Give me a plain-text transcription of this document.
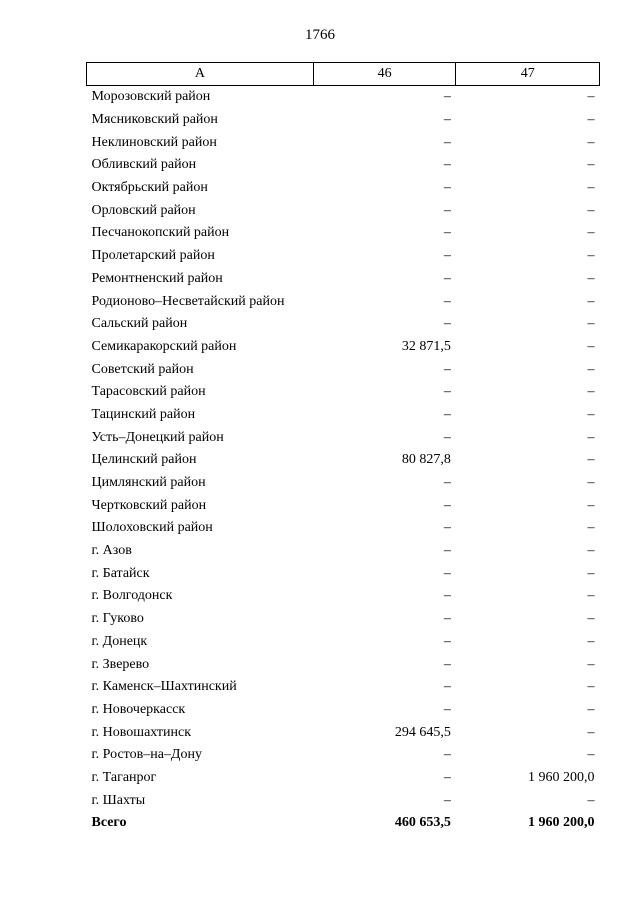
1766
А	46	47
Морозовский район	–	–
Мясниковский район	–	–
Неклиновский район	–	–
Обливский район	–	–
Октябрьский район	–	–
Орловский район	–	–
Песчанокопский район	–	–
Пролетарский район	–	–
Ремонтненский район	–	–
Родионово–Несветайский район	–	–
Сальский район	–	–
Семикаракорский район	32 871,5	–
Советский район	–	–
Тарасовский район	–	–
Тацинский район	–	–
Усть–Донецкий район	–	–
Целинский район	80 827,8	–
Цимлянский район	–	–
Чертковский район	–	–
Шолоховский район	–	–
г. Азов	–	–
г. Батайск	–	–
г. Волгодонск	–	–
г. Гуково	–	–
г. Донецк	–	–
г. Зверево	–	–
г. Каменск–Шахтинский	–	–
г. Новочеркасск	–	–
г. Новошахтинск	294 645,5	–
г. Ростов–на–Дону	–	–
г. Таганрог	–	1 960 200,0
г. Шахты	–	–
Всего	460 653,5	1 960 200,0
